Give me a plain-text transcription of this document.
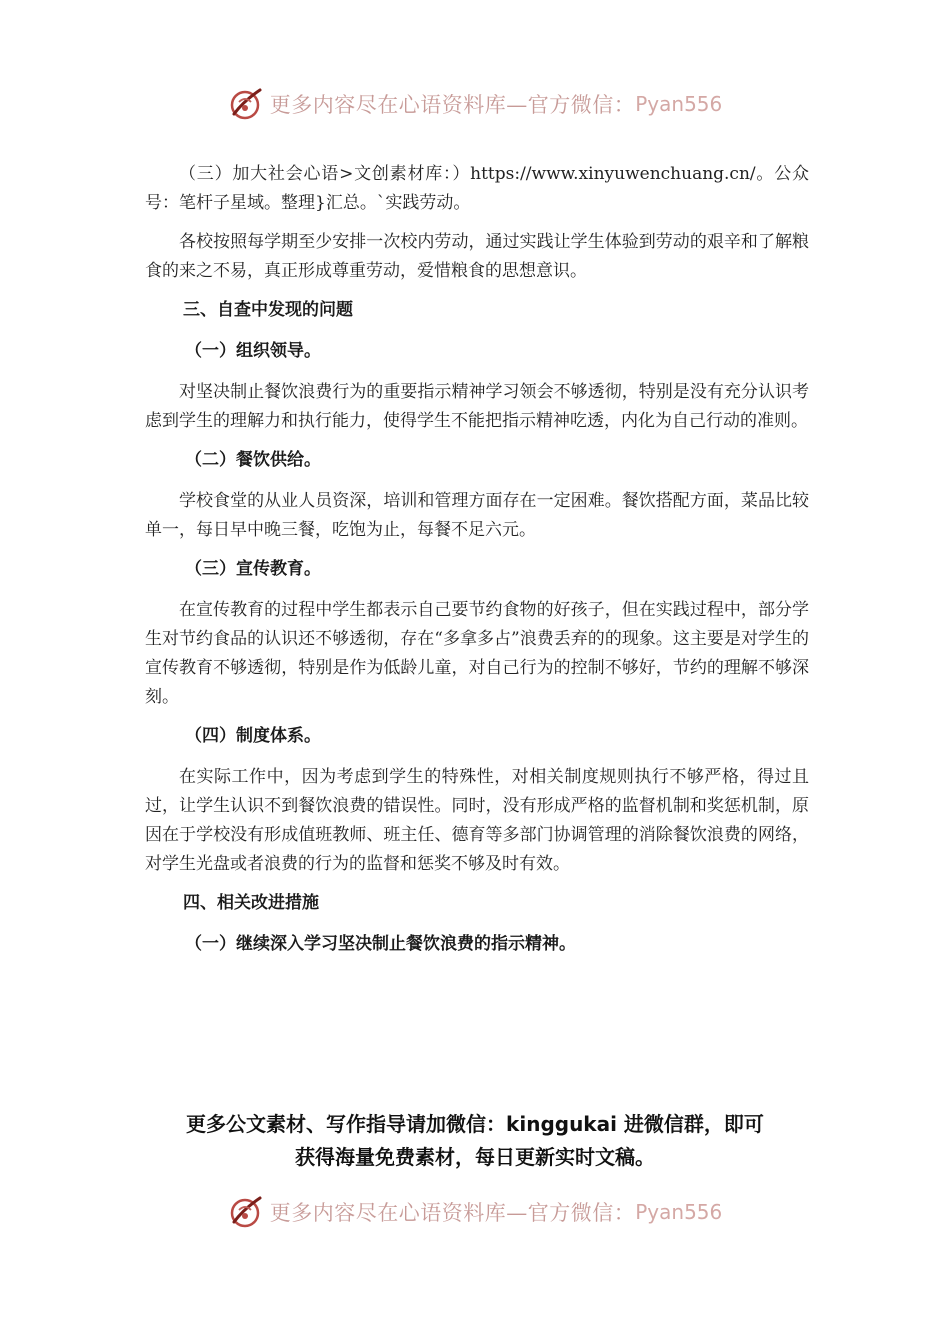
更多内容尽在心语资料库—官方微信： Pyan556

（三）加大社会心语>文创素材库：）https://www.xinyuwenchuang.cn/。公众号：笔杆子星域。整理}汇总。`实践劳动。

各校按照每学期至少安排一次校内劳动，通过实践让学生体验到劳动的艰辛和了解粮食的来之不易，真正形成尊重劳动，爱惜粮食的思想意识。

三、自查中发现的问题

（一）组织领导。

对坚决制止餐饮浪费行为的重要指示精神学习领会不够透彻，特别是没有充分认识考虑到学生的理解力和执行能力，使得学生不能把指示精神吃透，内化为自己行动的准则。

（二）餐饮供给。

学校食堂的从业人员资深，培训和管理方面存在一定困难。餐饮搭配方面，菜品比较单一，每日早中晚三餐，吃饱为止，每餐不足六元。

（三）宣传教育。

在宣传教育的过程中学生都表示自己要节约食物的好孩子，但在实践过程中，部分学生对节约食品的认识还不够透彻，存在“多拿多占”浪费丢弃的的现象。这主要是对学生的宣传教育不够透彻，特别是作为低龄儿童，对自己行为的控制不够好，节约的理解不够深刻。

（四）制度体系。

在实际工作中，因为考虑到学生的特殊性，对相关制度规则执行不够严格，得过且过，让学生认识不到餐饮浪费的错误性。同时，没有形成严格的监督机制和奖惩机制，原因在于学校没有形成值班教师、班主任、德育等多部门协调管理的消除餐饮浪费的网络，对学生光盘或者浪费的行为的监督和惩奖不够及时有效。

四、相关改进措施

（一）继续深入学习坚决制止餐饮浪费的指示精神。

更多公文素材、写作指导请加微信：kinggukai 进微信群，即可
获得海量免费素材，每日更新实时文稿。
更多内容尽在心语资料库—官方微信： Pyan556
